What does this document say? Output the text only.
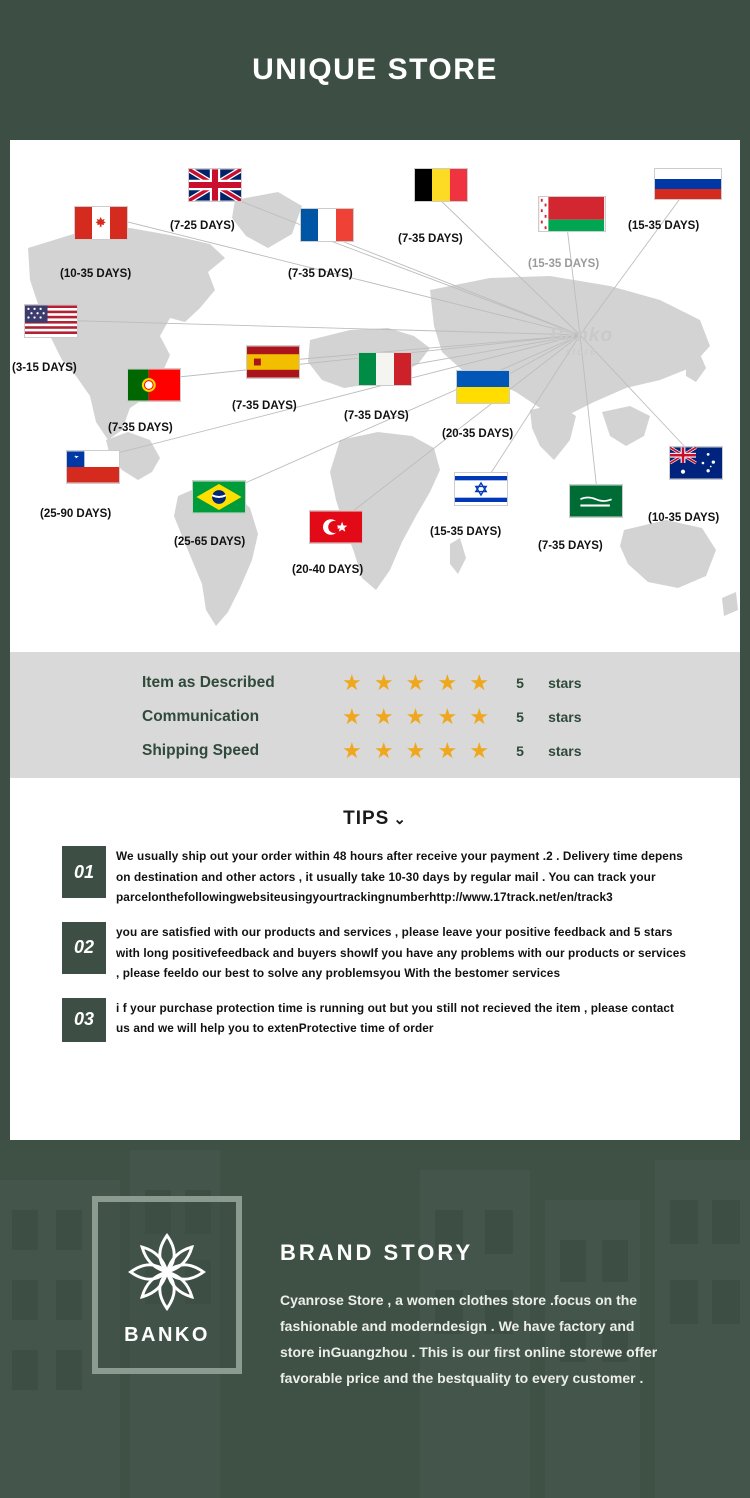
UNIQUE STORE
Banko
store
(10-35 DAYS)
(7-25 DAYS)
(7-35 DAYS)
(7-35 DAYS)
(15-35 DAYS)
(15-35 DAYS)
(3-15 DAYS)
(7-35 DAYS)
(7-35 DAYS)
(7-35 DAYS)
(20-35 DAYS)
(25-90 DAYS)
(25-65 DAYS)
(20-40 DAYS)
(15-35 DAYS)
(7-35 DAYS)
(10-35 DAYS)
Item as Described	★ ★ ★ ★ ★	5	stars
Communication	★ ★ ★ ★ ★	5	stars
Shipping Speed	★ ★ ★ ★ ★	5	stars
TIPS ⌄
01
We usually ship out your order within 48 hours after receive your payment .2 . Delivery time depens on destination and other actors , it usually take 10-30 days by regular mail . You can track your parcelonthefollowingwebsiteusingyourtrackingnumberhttp://www.17track.net/en/track3
02
you are satisfied with our products and services , please leave your positive feedback and 5 stars with long positivefeedback and buyers showIf you have any problems with our products or services , please feeldo our best to solve any problemsyou With the bestomer services
03
i f your purchase protection time is running out but you still not recieved the item , please contact us and we will help you to extenProtective time of order
BANKO
BRAND STORY
Cyanrose Store , a women clothes store .focus on the fashionable and moderndesign . We have factory and store inGuangzhou . This is our first online storewe offer favorable price and the bestquality to every customer .
